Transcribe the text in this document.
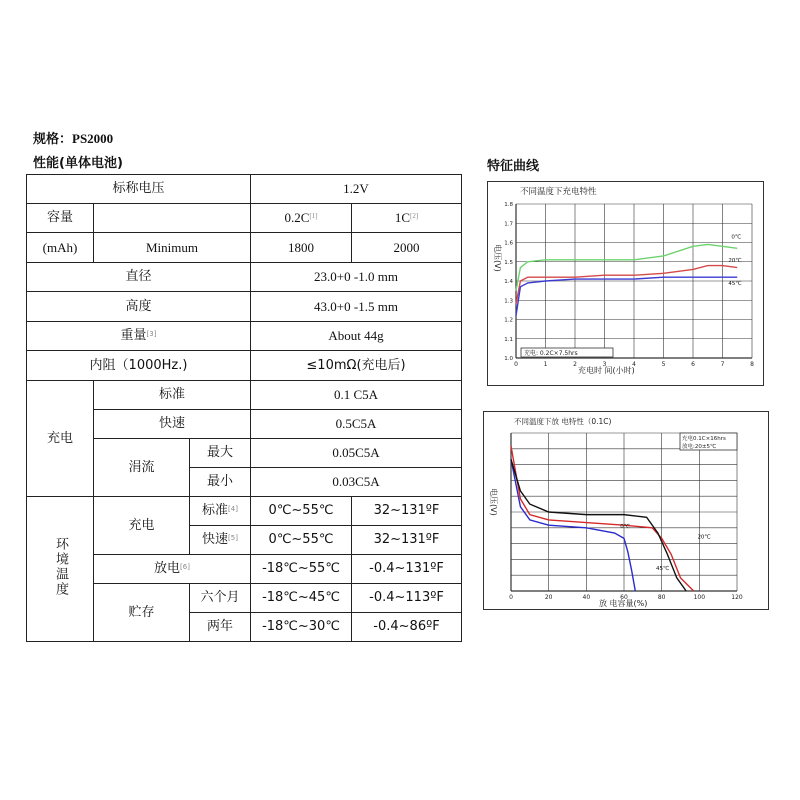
规格：PS2000
性能(单体电池)	特征曲线
标称电压			1.2V	
容量			0.2C[1]	1C[2]
(mAh)	Minimum		1800	2000
直径			23.0+0 -1.0 mm	
高度			43.0+0 -1.5 mm	
重量[3]			About 44g	
内阻（1000Hz.)			≤10mΩ(充电后)	
充电	标准		0.1 C5A	
	快速		0.5C5A	
	涓流	最大	0.05C5A	
		最小	0.03C5A	
环境温度	充电	标准[4]	0℃~55℃	32~131ºF
		快速[5]	0℃~55℃	32~131ºF
	放电[6]		-18℃~55℃	-0.4~131ºF
	贮存	六个月	-18℃~45℃	-0.4~113ºF
		两年	-18℃~30℃	-0.4~86ºF
不同温度下充电特性
0	1	2	3	4	5	6	7	8
1.8
1.7
1.6
1.5
1.4
1.3
1.2
1.1
1.0
充电时 间(小时)
电压(V)
0℃
20℃
45℃
充电: 0.2C×7.5hrs
不同温度下放 电特性（0.1C)
0	20	40	60	80	100	120
放 电容量(%)
电压(V)
0℃
20℃
45℃
充电0.1C×16hrs
放电:20±5℃
